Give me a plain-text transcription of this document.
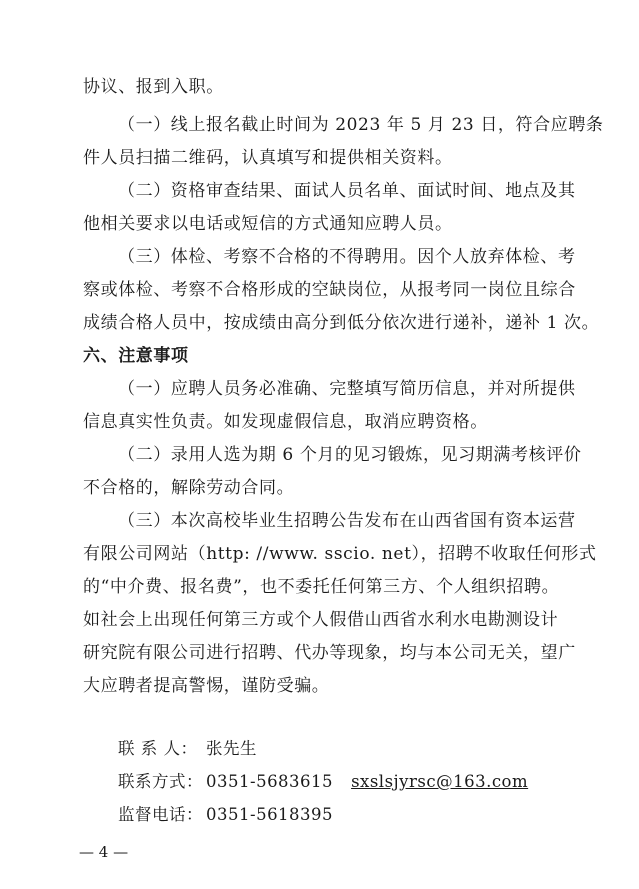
协议、报到入职。
（一）线上报名截止时间为 2023 年 5 月 23 日，符合应聘条
件人员扫描二维码，认真填写和提供相关资料。
（二）资格审查结果、面试人员名单、面试时间、地点及其
他相关要求以电话或短信的方式通知应聘人员。
（三）体检、考察不合格的不得聘用。因个人放弃体检、考
察或体检、考察不合格形成的空缺岗位，从报考同一岗位且综合
成绩合格人员中，按成绩由高分到低分依次进行递补，递补 1 次。
六、注意事项
（一）应聘人员务必准确、完整填写简历信息，并对所提供
信息真实性负责。如发现虚假信息，取消应聘资格。
（二）录用人选为期 6 个月的见习锻炼，见习期满考核评价
不合格的，解除劳动合同。
（三）本次高校毕业生招聘公告发布在山西省国有资本运营
有限公司网站（http: //www. sscio. net），招聘不收取任何形式
的“中介费、报名费”，也不委托任何第三方、个人组织招聘。
如社会上出现任何第三方或个人假借山西省水利水电勘测设计
研究院有限公司进行招聘、代办等现象，均与本公司无关，望广
大应聘者提高警惕，谨防受骗。
联 系 人： 张先生
联系方式： 0351-5683615 sxslsjyrsc@163.com
监督电话： 0351-5618395
— 4 —
